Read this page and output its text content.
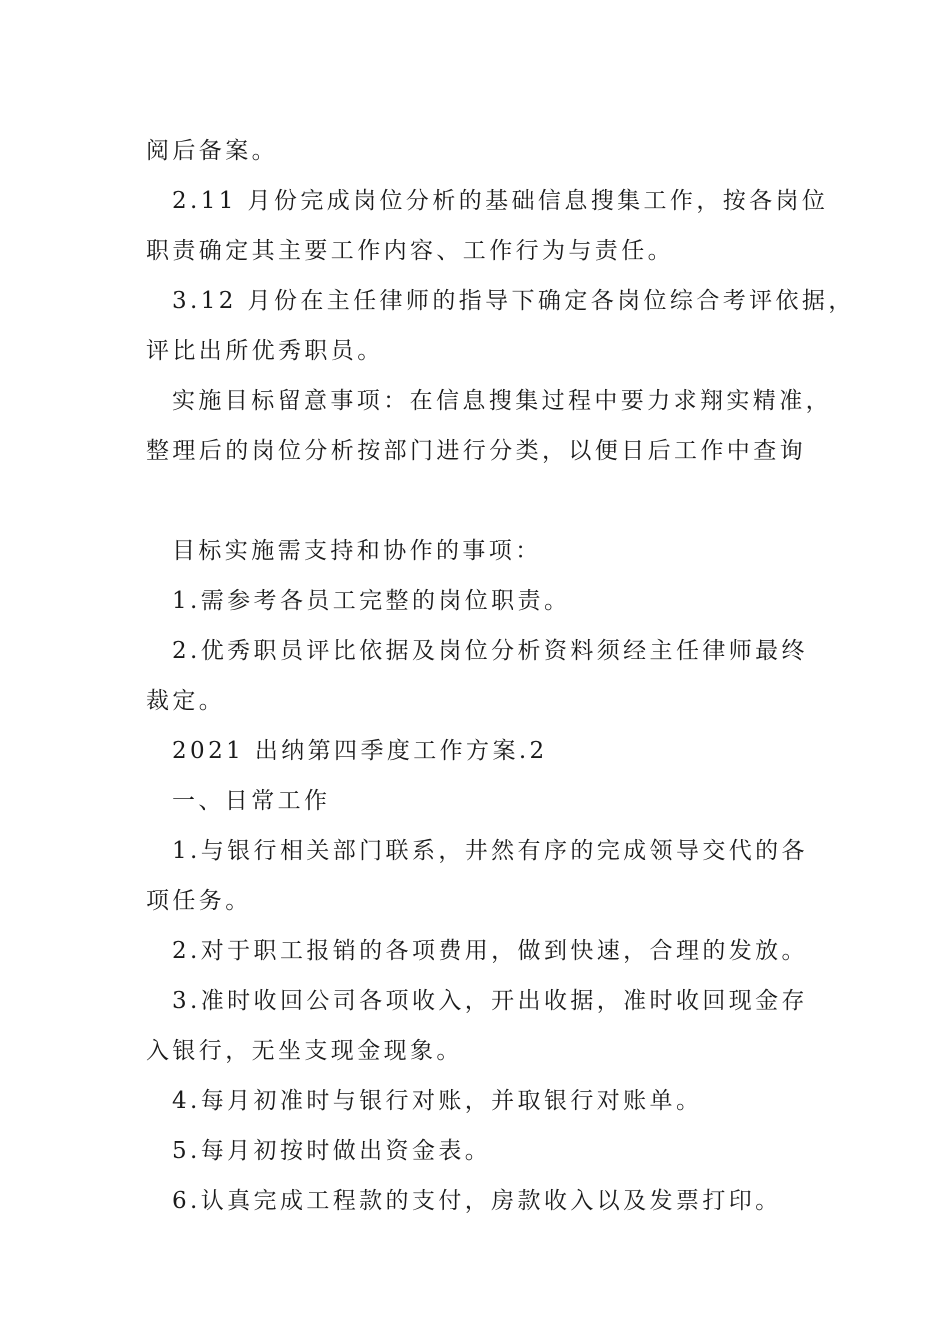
阅后备案。
2.11 月份完成岗位分析的基础信息搜集工作，按各岗位
职责确定其主要工作内容、工作行为与责任。
3.12 月份在主任律师的指导下确定各岗位综合考评依据，
评比出所优秀职员。
实施目标留意事项：在信息搜集过程中要力求翔实精准，
整理后的岗位分析按部门进行分类，以便日后工作中查询
目标实施需支持和协作的事项：
1.需参考各员工完整的岗位职责。
2.优秀职员评比依据及岗位分析资料须经主任律师最终
裁定。
2021 出纳第四季度工作方案.2
一、日常工作
1.与银行相关部门联系，井然有序的完成领导交代的各
项任务。
2.对于职工报销的各项费用，做到快速，合理的发放。
3.准时收回公司各项收入，开出收据，准时收回现金存
入银行，无坐支现金现象。
4.每月初准时与银行对账，并取银行对账单。
5.每月初按时做出资金表。
6.认真完成工程款的支付，房款收入以及发票打印。
